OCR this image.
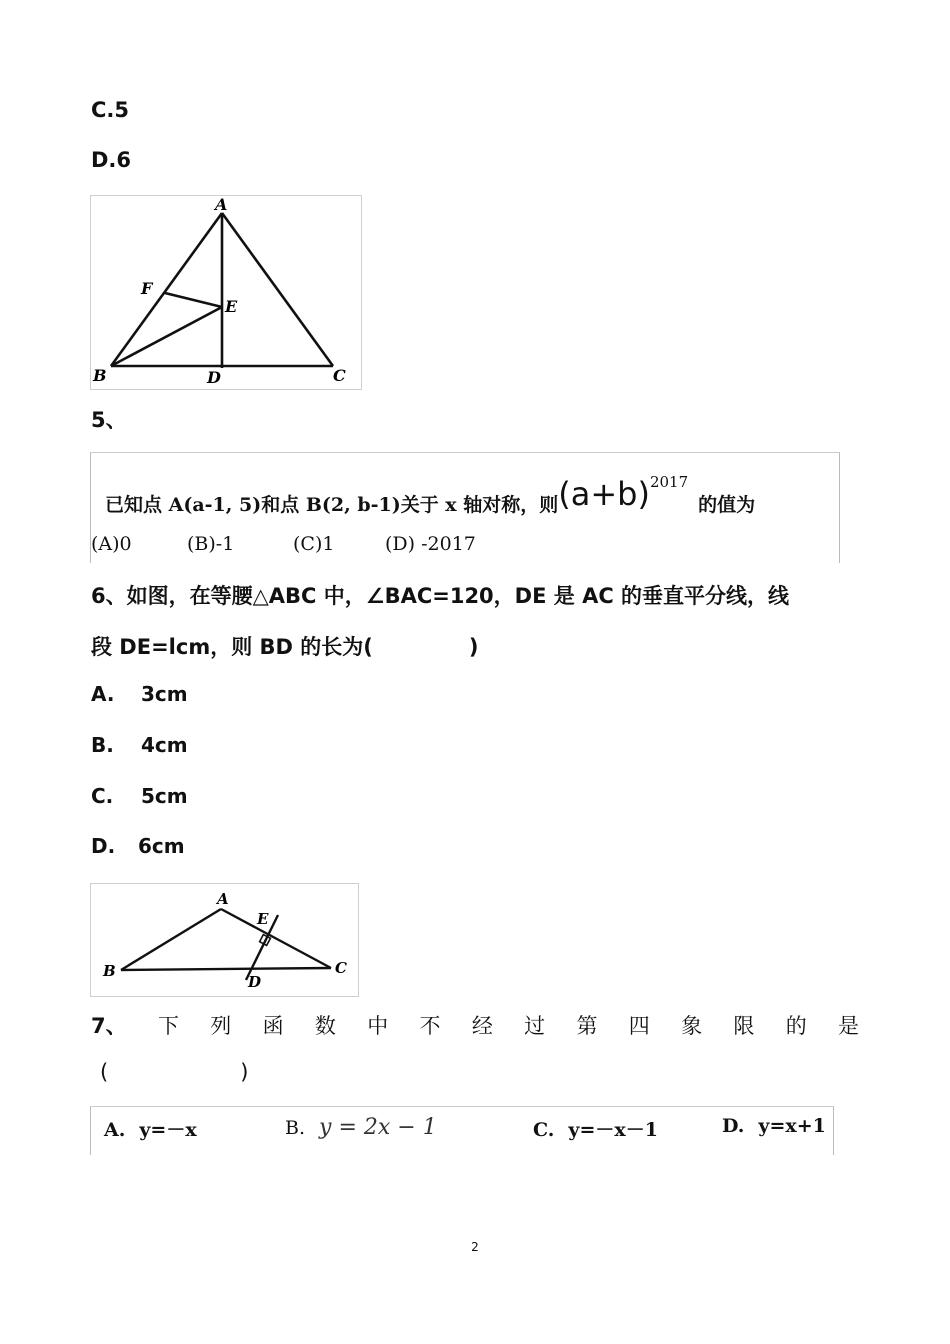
C.5
D.6
A
F
E
B	D	C
5、
已知点 A(a-1, 5)和点 B(2, b-1)关于 x 轴对称，则$(a+b)^{2017}$的值为
(A)0	(B)-1	(C)1	(D) -2017
6、如图，在等腰△ABC 中，∠BAC=120，DE 是 AC 的垂直平分线，线
段 DE=lcm，则 BD 的长为(	)
A. 3cm
B. 4cm
C. 5cm
D. 6cm
A
E
B
D
C
7、 下 列 函 数 中 不 经 过 第 四 象 限 的 是
(	)
A. y=－x	B. y = 2x − 1	C. y=－x－1	D. y=x+1
2
